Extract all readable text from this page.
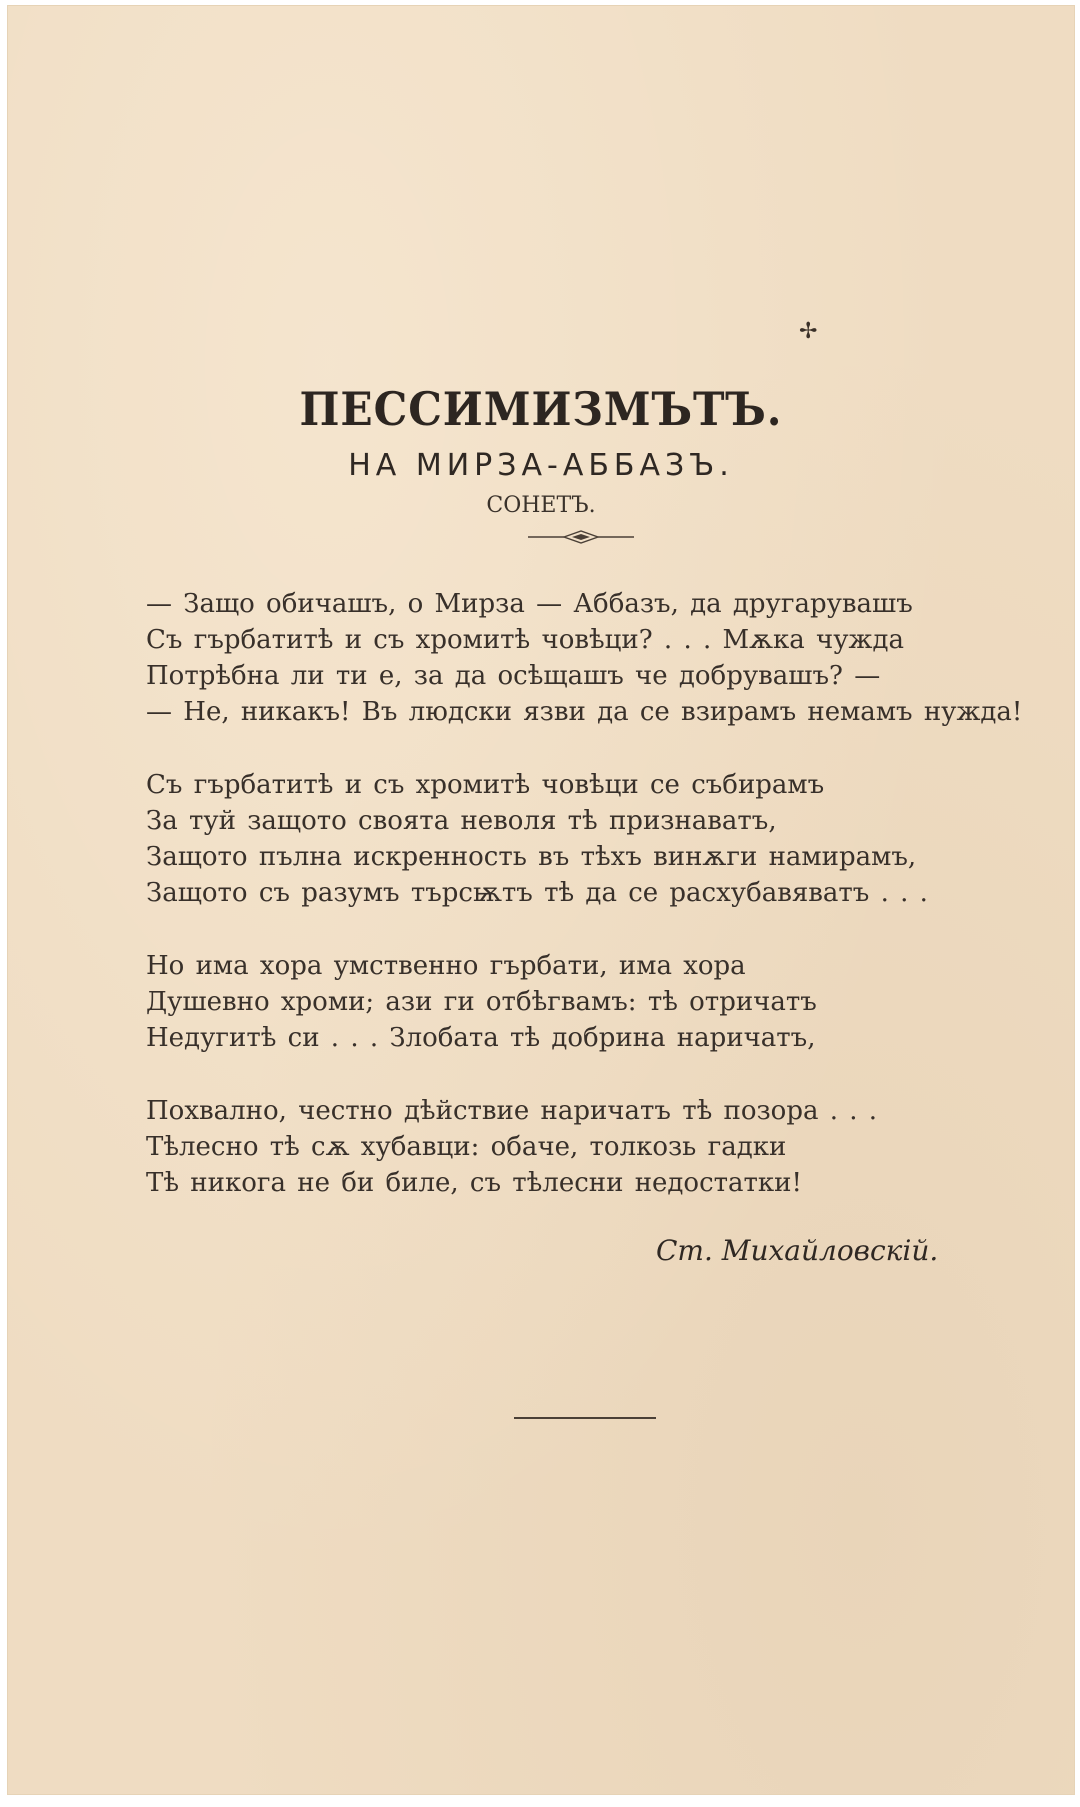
✢
ПЕССИМИЗМЪТЪ.
НА МИРЗА-АББАЗЪ.
СОНЕТЪ.
— Защо обичашъ, о Мирза — Аббазъ, да другарувашъ
Съ гърбатитѣ и съ хромитѣ човѣци? . . . Мѫка чужда
Потрѣбна ли ти е, за да осѣщашъ че добрувашъ? —
— Не, никакъ! Въ людски язви да се взирамъ немамъ нужда!
Съ гърбатитѣ и съ хромитѣ човѣци се събирамъ
За туй защото своята неволя тѣ признаватъ,
Защото пълна искренность въ тѣхъ винѫги намирамъ,
Защото съ разумъ търсѭтъ тѣ да се расхубавяватъ . . .
Но има хора умственно гърбати, има хора
Душевно хроми; ази ги отбѣгвамъ: тѣ отричатъ
Недугитѣ си . . . Злобата тѣ добрина наричатъ,
Похвално, честно дѣйствие наричатъ тѣ позора . . .
Тѣлесно тѣ сѫ хубавци: обаче, толкозь гадки
Тѣ никога не би биле, съ тѣлесни недостатки!
Ст. Михайловскій.
